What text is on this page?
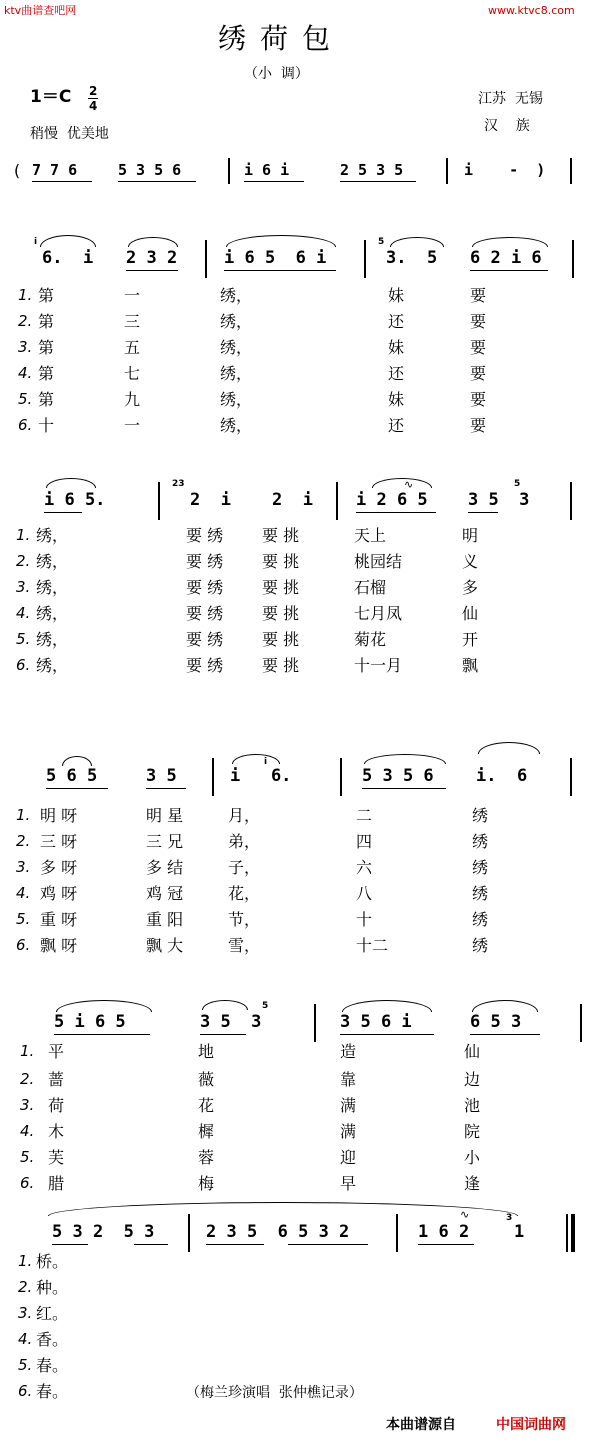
ktv曲谱查吧网	www.ktvc8.com
绣荷包
（小  调）
1＝C 2
4
稍慢  优美地
江苏  无锡
汉    族
( 7 7 6	5 3 5 6	i 6 i	2 5 3 5	i    -  )
i
6.  i 2 3 2	i 6 5  6 i
5
3.  5 6 2 i 6
1. 第	一	绣，	妹	要
2. 第	三	绣，	还	要
3. 第	五	绣，	妹	要
4. 第	七	绣，	还	要
5. 第	九	绣，	妹	要
6. 十	一	绣，	还	要
i 6 5.
23
2  i 2  i	i 2 6 5
∿
3 5  3
5
1. 绣，	要 绣 要 挑	天上	明
2. 绣，	要 绣 要 挑	桃园结	义
3. 绣，	要 绣 要 挑	石榴	多
4. 绣，	要 绣 要 挑	七月凤	仙
5. 绣，	要 绣 要 挑	菊花	开
6. 绣，	要 绣 要 挑	十一月	飘
5 6 5	3 5	i   6.
i
5 3 5 6 i.  6
1. 明 呀	明 星	月，	二	绣
2. 三 呀	三 兄	弟，	四	绣
3. 多 呀	多 结	子，	六	绣
4. 鸡 呀	鸡 冠	花，	八	绣
5. 重 呀	重 阳	节，	十	绣
6. 飘 呀	飘 大	雪，	十二	绣
5 i 6 5	3 5  3
5
3 5 6 i	6 5 3
1. 平	地	造	仙
2. 蔷	薇	靠	边
3. 荷	花	满	池
4. 木	樨	满	院
5. 芙	蓉	迎	小
6. 腊	梅	早	逢
5 3 2  5 3	2 3 5  6 5 3 2	1 6 2
∿	3
1
1. 桥。
2. 种。
3. 红。
4. 香。
5. 春。
6. 春。	（梅兰珍演唱  张仲樵记录）
本曲谱源自	中国词曲网
